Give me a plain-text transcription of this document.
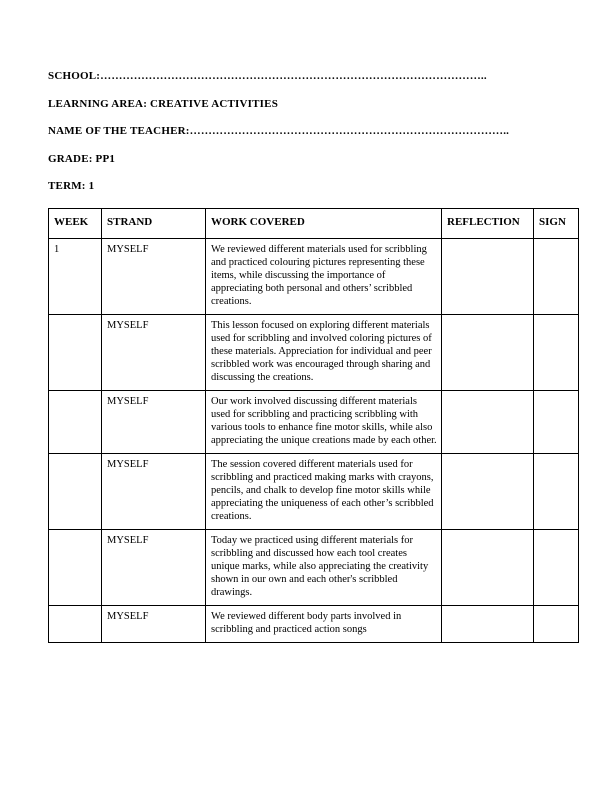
SCHOOL:…………………………………………………………………………………………..

LEARNING AREA: CREATIVE ACTIVITIES

NAME OF THE TEACHER:…………………………………………………………………………..

GRADE: PP1

TERM: 1

WEEK	STRAND	WORK COVERED	REFLECTION	SIGN
1	MYSELF	We reviewed different materials used for scribbling and practiced colouring pictures representing these items, while discussing the importance of appreciating both personal and others’ scribbled creations.		
	MYSELF	This lesson focused on exploring different materials used for scribbling and involved coloring pictures of these materials. Appreciation for individual and peer scribbled work was encouraged through sharing and discussing the creations.		
	MYSELF	Our work involved discussing different materials used for scribbling and practicing scribbling with various tools to enhance fine motor skills, while also appreciating the unique creations made by each other.		
	MYSELF	The session covered different materials used for scribbling and practiced making marks with crayons, pencils, and chalk to develop fine motor skills while appreciating the uniqueness of each other’s scribbled creations.		
	MYSELF	Today we practiced using different materials for scribbling and discussed how each tool creates unique marks, while also appreciating the creativity shown in our own and each other's scribbled drawings.		
	MYSELF	We reviewed different body parts involved in scribbling and practiced action songs		
